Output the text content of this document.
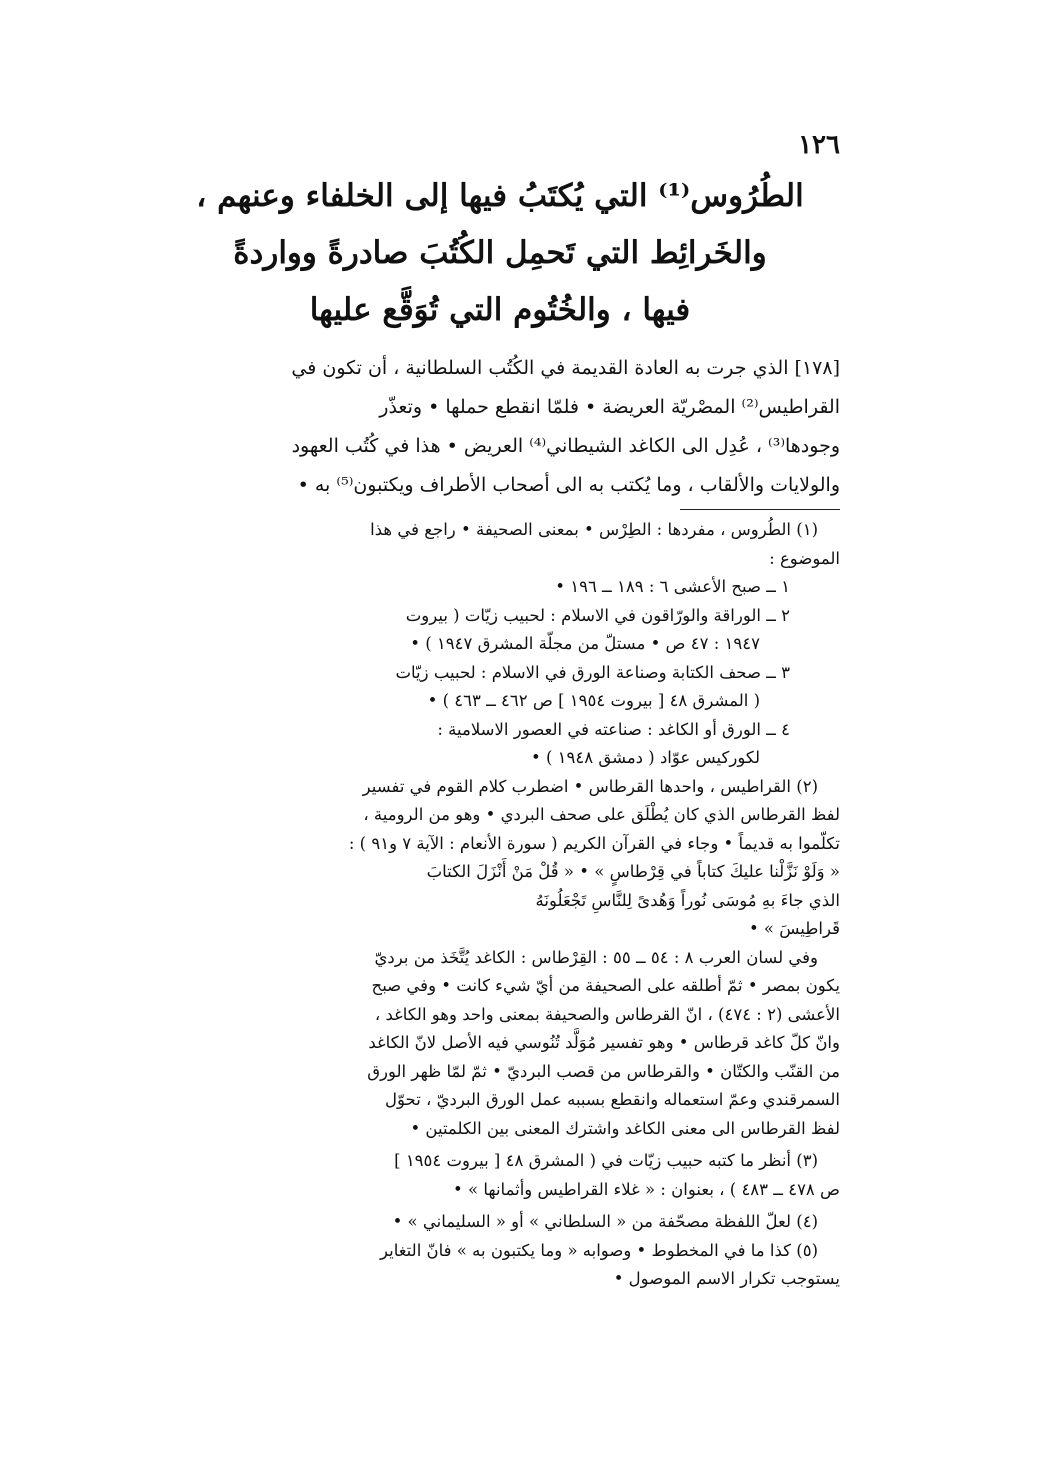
١٢٦
الطُرُوس⁽¹⁾ التي يُكتَبُ فيها إلى الخلفاء وعنهم ،
والخَرائِط التي تَحمِل الكُتُبَ صادرةً وواردةً
فيها ، والخُتُوم التي تُوَقَّع عليها
[١٧٨] الذي جرت به العادة القديمة في الكُتُب السلطانية ، أن تكون في
القراطيس⁽²⁾ المصْريّة العريضة • فلمّا انقطع حملها • وتعذّر
وجودها⁽³⁾ ، عُدِل الى الكاغد الشيطاني⁽⁴⁾ العريض • هذا في كُتُب العهود
والولايات والألقاب ، وما يُكتب به الى أصحاب الأطراف ويكتبون⁽⁵⁾ به •
(١) الطُروس ، مفردها : الطِرْس • بمعنى الصحيفة • راجع في هذا
الموضوع :
١ ــ صبح الأعشى ٦ : ١٨٩ ــ ١٩٦ •
٢ ــ الوراقة والورّاقون في الاسلام : لحبيب زيّات ( بيروت
١٩٤٧ : ٤٧ ص • مستلّ من مجلّة المشرق ١٩٤٧ ) •
٣ ــ صحف الكتابة وصناعة الورق في الاسلام : لحبيب زيّات
( المشرق ٤٨ [ بيروت ١٩٥٤ ] ص ٤٦٢ ــ ٤٦٣ ) •
٤ ــ الورق أو الكاغد : صناعته في العصور الاسلامية :
لكوركيس عوّاد ( دمشق ١٩٤٨ ) •
(٢) القراطيس ، واحدها القرطاس • اضطرب كلام القوم في تفسير
لفظ القرطاس الذي كان يُطْلَق على صحف البردي • وهو من الرومية ،
تكلّموا به قديماً • وجاء في القرآن الكريم ( سورة الأنعام : الآية ٧ و٩١ ) :
« وَلَوْ نَزَّلْنا عليكَ كتاباً في قِرْطاسٍ » • « قُلْ مَنْ أَنْزَلَ الكتابَ
الذي جاءَ بهِ مُوسَى نُوراً وَهُدىً لِلنَّاسِ تَجْعَلُونَهُ
قَراطِيسَ » •
وفي لسان العرب ٨ : ٥٤ ــ ٥٥ : القِرْطاس : الكاغد يُتَّخَذ من برديّ
يكون بمصر • ثمّ أطلقه على الصحيفة من أيّ شيء كانت • وفي صبح
الأعشى (٢ : ٤٧٤) ، انّ القرطاس والصحيفة بمعنى واحد وهو الكاغد ،
وانّ كلّ كاغد قرطاس • وهو تفسير مُوَلَّد تُنُوسي فيه الأصل لانّ الكاغد
من القنّب والكتّان • والقرطاس من قصب البرديّ • ثمّ لمّا ظهر الورق
السمرقندي وعمّ استعماله وانقطع بسببه عمل الورق البرديّ ، تحوّل
لفظ القرطاس الى معنى الكاغد واشترك المعنى بين الكلمتين •
(٣) أنظر ما كتبه حبيب زيّات في ( المشرق ٤٨ [ بيروت ١٩٥٤ ]
ص ٤٧٨ ــ ٤٨٣ ) ، بعنوان : « غلاء القراطيس وأثمانها » •
(٤) لعلّ اللفظة مصحّفة من « السلطاني » أو « السليماني » •
(٥) كذا ما في المخطوط • وصوابه « وما يكتبون به » فانّ التغاير
يستوجب تكرار الاسم الموصول •
